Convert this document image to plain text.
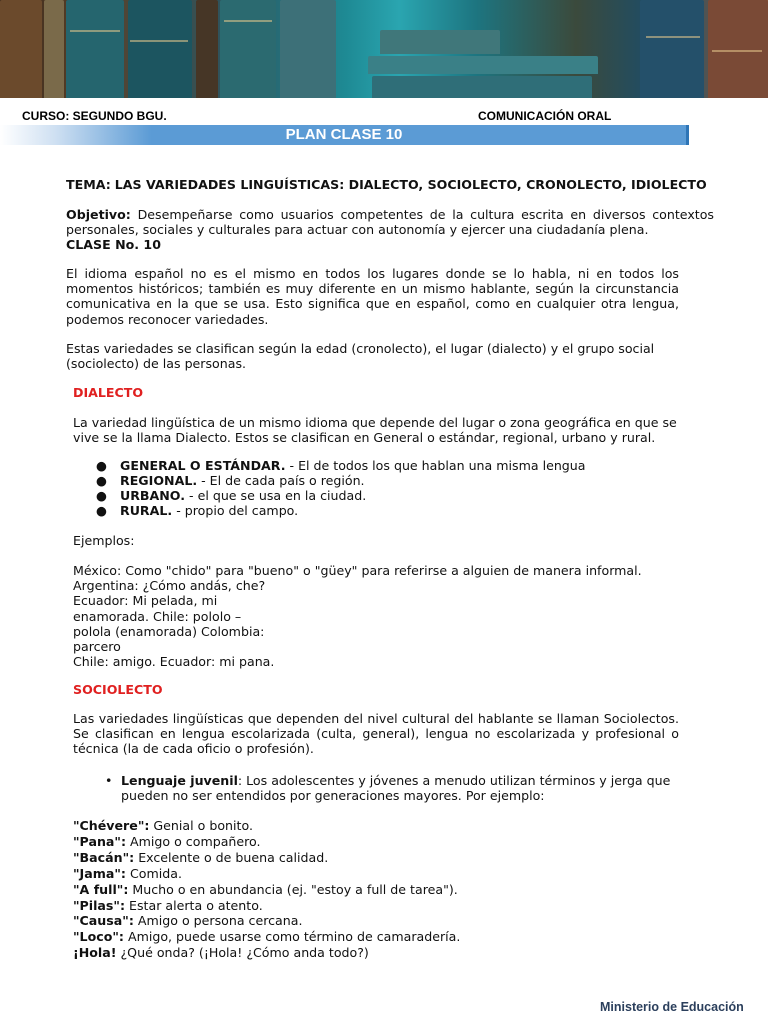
CURSO: SEGUNDO BGU.	COMUNICACIÓN ORAL
PLAN CLASE 10
TEMA: LAS VARIEDADES LINGUÍSTICAS: DIALECTO, SOCIOLECTO, CRONOLECTO, IDIOLECTO
Objetivo: Desempeñarse como usuarios competentes de la cultura escrita en diversos contextos personales, sociales y culturales para actuar con autonomía y ejercer una ciudadanía plena.
CLASE No. 10
El idioma español no es el mismo en todos los lugares donde se lo habla, ni en todos los momentos históricos; también es muy diferente en un mismo hablante, según la circunstancia comunicativa en la que se usa. Esto significa que en español, como en cualquier otra lengua, podemos reconocer variedades.
Estas variedades se clasifican según la edad (cronolecto), el lugar (dialecto) y el grupo social (sociolecto) de las personas.
DIALECTO
La variedad lingüística de un mismo idioma que depende del lugar o zona geográfica en que se vive se la llama Dialecto. Estos se clasifican en General o estándar, regional, urbano y rural.
● GENERAL O ESTÁNDAR. - El de todos los que hablan una misma lengua
● REGIONAL. - El de cada país o región.
● URBANO. - el que se usa en la ciudad.
● RURAL. - propio del campo.
Ejemplos:
México: Como "chido" para "bueno" o "güey" para referirse a alguien de manera informal.
Argentina: ¿Cómo andás, che?
Ecuador: Mi pelada, mi
enamorada. Chile: pololo –
polola (enamorada) Colombia:
parcero
Chile: amigo. Ecuador: mi pana.
SOCIOLECTO
Las variedades lingüísticas que dependen del nivel cultural del hablante se llaman Sociolectos. Se clasifican en lengua escolarizada (culta, general), lengua no escolarizada y profesional o técnica (la de cada oficio o profesión).
• Lenguaje juvenil: Los adolescentes y jóvenes a menudo utilizan términos y jerga que pueden no ser entendidos por generaciones mayores. Por ejemplo:
"Chévere": Genial o bonito.
"Pana": Amigo o compañero.
"Bacán": Excelente o de buena calidad.
"Jama": Comida.
"A full": Mucho o en abundancia (ej. "estoy a full de tarea").
"Pilas": Estar alerta o atento.
"Causa": Amigo o persona cercana.
"Loco": Amigo, puede usarse como término de camaradería.
¡Hola! ¿Qué onda? (¡Hola! ¿Cómo anda todo?)
Ministerio de Educación
